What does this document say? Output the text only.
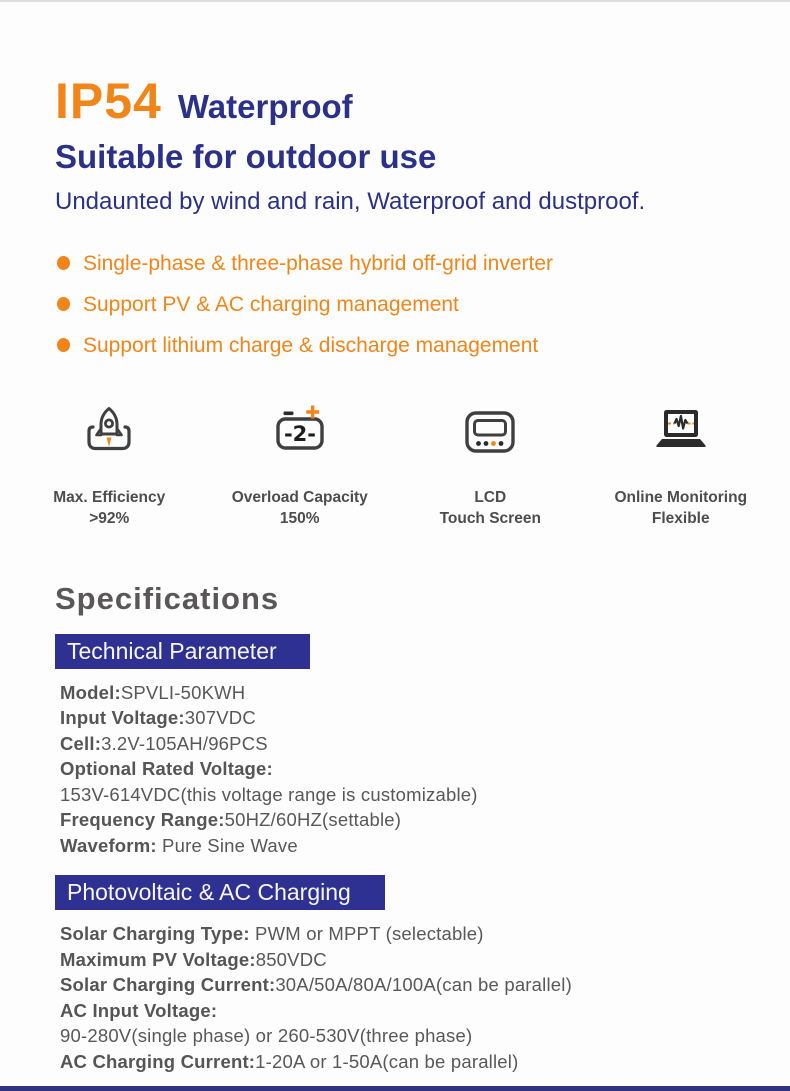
IP54 Waterproof
Suitable for outdoor use
Undaunted by wind and rain, Waterproof and dustproof.
Single-phase & three-phase hybrid off-grid inverter
Support PV & AC charging management
Support lithium charge & discharge management
Max. Efficiency
>92%
-2-
Overload Capacity
150%
LCD
Touch Screen
Online Monitoring
Flexible
Specifications
Technical Parameter

Model:SPVLI-50KWH

Input Voltage:307VDC

Cell:3.2V-105AH/96PCS

Optional Rated Voltage:

153V-614VDC(this voltage range is customizable)

Frequency Range:50HZ/60HZ(settable)

Waveform: Pure Sine Wave

Photovoltaic & AC Charging

Solar Charging Type: PWM or MPPT (selectable)

Maximum PV Voltage:850VDC

Solar Charging Current:30A/50A/80A/100A(can be parallel)

AC Input Voltage:

90-280V(single phase) or 260-530V(three phase)

AC Charging Current:1-20A or 1-50A(can be parallel)
